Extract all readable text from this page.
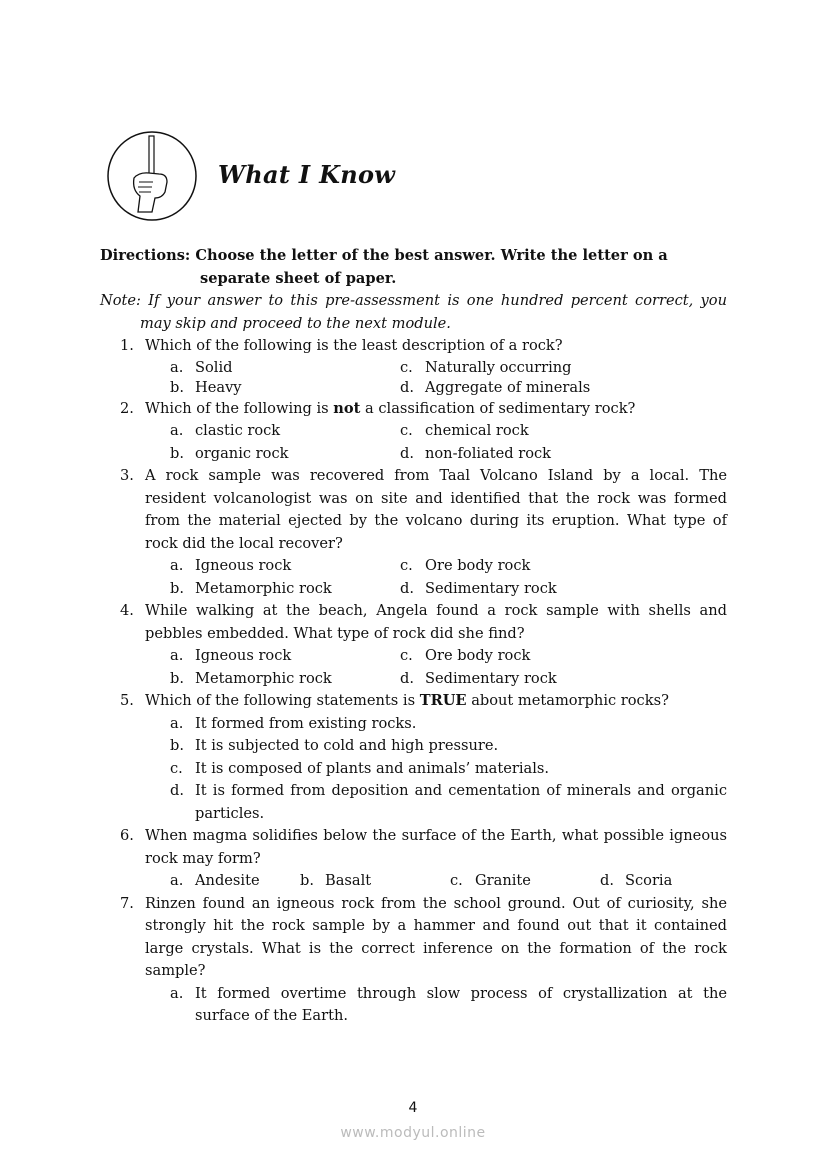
What I Know
Directions: Choose the letter of the best answer. Write the letter on a
separate sheet of paper.
Note: If your answer to this pre-assessment is one hundred percent correct, you may skip and proceed to the next module.
1. Which of the following is the least description of a rock?
a. Solid	c. Naturally occurring
b. Heavy	d. Aggregate of minerals
2. Which of the following is not a classification of sedimentary rock?
a. clastic rock	c. chemical rock
b. organic rock	d. non-foliated rock
3. A rock sample was recovered from Taal Volcano Island by a local. The resident volcanologist was on site and identified that the rock was formed from the material ejected by the volcano during its eruption. What type of rock did the local recover?
a. Igneous rock	c. Ore body rock
b. Metamorphic rock	d. Sedimentary rock
4. While walking at the beach, Angela found a rock sample with shells and pebbles embedded. What type of rock did she find?
a. Igneous rock	c. Ore body rock
b. Metamorphic rock	d. Sedimentary rock
5. Which of the following statements is TRUE about metamorphic rocks?
a. It formed from existing rocks.
b. It is subjected to cold and high pressure.
c. It is composed of plants and animals’ materials.
d. It is formed from deposition and cementation of minerals and organic particles.
6. When magma solidifies below the surface of the Earth, what possible igneous rock may form?
a. Andesite	b. Basalt	c. Granite	d. Scoria
7. Rinzen found an igneous rock from the school ground. Out of curiosity, she strongly hit the rock sample by a hammer and found out that it contained large crystals. What is the correct inference on the formation of the rock sample?
a. It formed overtime through slow process of crystallization at the surface of the Earth.
4
www.modyul.online
